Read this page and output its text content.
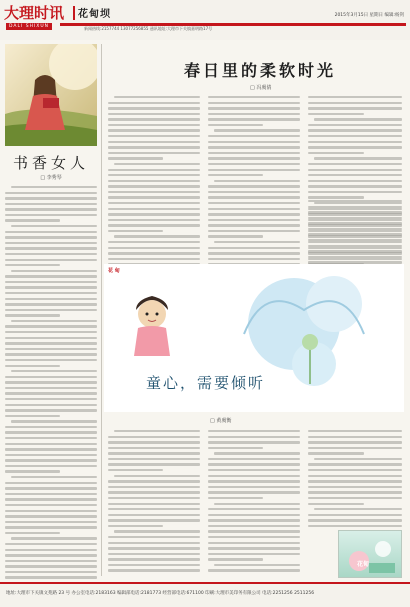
大理时讯
DALI SHIXUN
花甸坝
新闻热线:2157744 13077256855 通讯地址:大理市下关镇嘉明路17号
2015年3月15日 星期日 编辑:杨剑
书香女人
□ 李秀琴
春日里的柔软时光
□ 冯虞倩
花 甸
童心，需要倾听
□ 黄虞衡
花甸
地址:大理市下关镇文苑路 23 号 办公室电话:2183163 编辑部电话:2181773 经营部电话:671100 印刷:大理市美印务有限公司 电话:2251256 2511256
